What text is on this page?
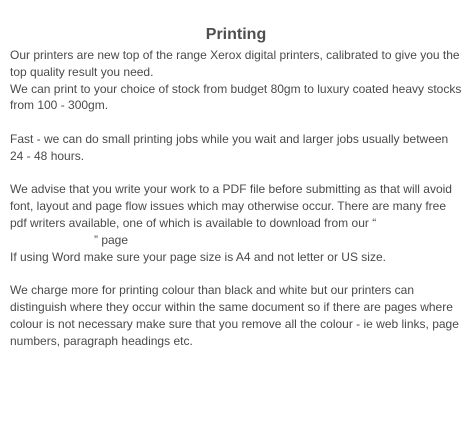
Printing

Our printers are new top of the range Xerox digital printers, calibrated to give you the top quality result you need.

We can print to your choice of stock from budget 80gm to luxury coated heavy stocks from 100 - 300gm.

Fast - we can do small printing jobs while you wait and larger jobs usually between 24 - 48 hours.

We advise that you write your work to a PDF file before submitting as that will avoid font, layout and page flow issues which may otherwise occur. There are many free pdf writers available, one of which is available to download from our “
” page

If using Word make sure your page size is A4 and not letter or US size.

We charge more for printing colour than black and white but our printers can distinguish where they occur within the same document so if there are pages where colour is not necessary make sure that you remove all the colour - ie web links, page numbers, paragraph headings etc.
